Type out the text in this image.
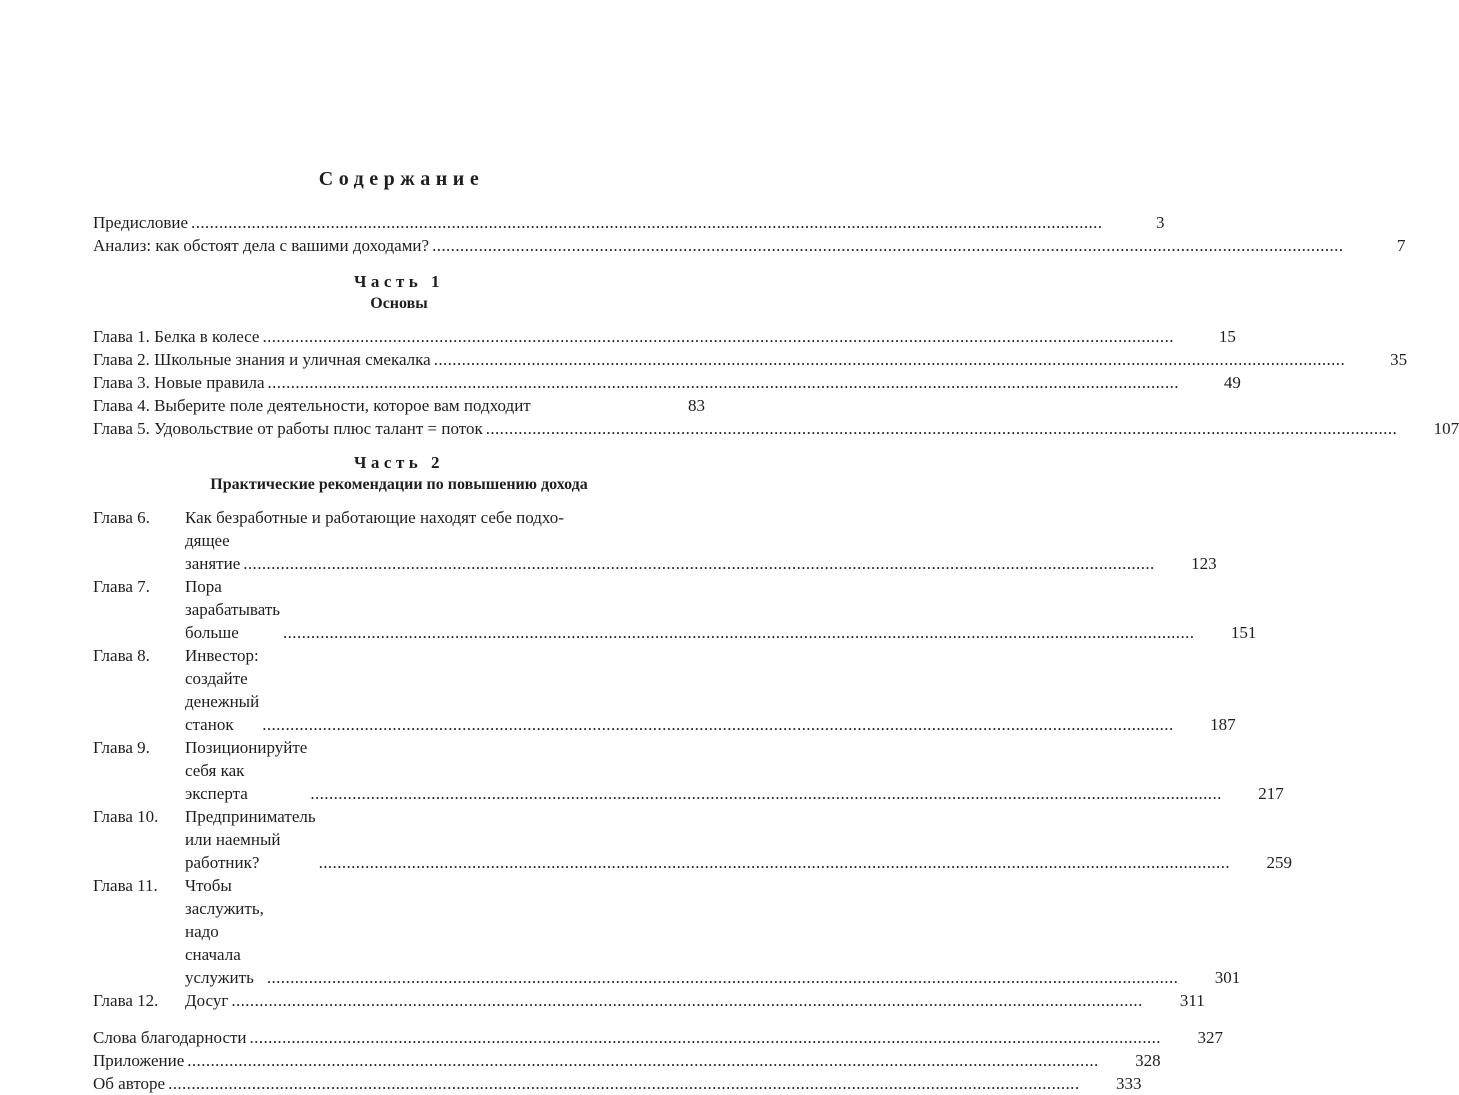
Содержание
Предисловие .....	3
Анализ: как обстоят дела с вашими доходами? .....	7
Часть 1
Основы
Глава 1. Белка в колесе .....	15
Глава 2. Школьные знания и уличная смекалка .....	35
Глава 3. Новые правила .....	49
Глава 4. Выберите поле деятельности, которое вам подходит	83
Глава 5. Удовольствие от работы плюс талант = поток .....	107
Часть 2
Практические рекомендации по повышению дохода
Глава 6.	Как безработные и работающие находят себе подхо-
дящее занятие .....	123
Глава 7.	Пора зарабатывать больше .....	151
Глава 8.	Инвестор: создайте денежный станок .....	187
Глава 9.	Позиционируйте себя как эксперта .....	217
Глава 10.	Предприниматель или наемный работник? .....	259
Глава 11.	Чтобы заслужить, надо сначала услужить .....	301
Глава 12.	Досуг .....	311
Слова благодарности .....	327
Приложение .....	328
Об авторе .....	333
